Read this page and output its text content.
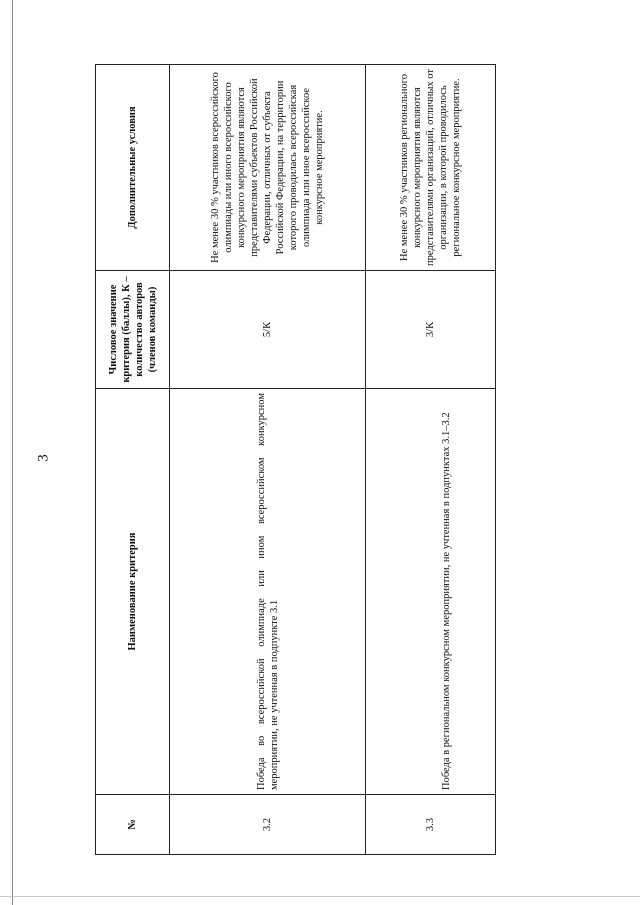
3
№	Наименование критерия	Числовое значение критерия (баллы), К – количество авторов (членов команды)	Дополнительные условия
3.2	Победа во всероссийской олимпиаде или ином всероссийском конкурсном мероприятии, не учтенная в подпункте 3.1	5/К	Не менее 30 % участников всероссийского олимпиады или иного всероссийского конкурсного мероприятия являются представителями субъектов Российской Федерации, отличных от субъекта Российской Федерации, на территории которого проводилась всероссийская олимпиада или иное всероссийское конкурсное мероприятие.
3.3	Победа в региональном конкурсном мероприятии, не учтенная в подпунктах 3.1–3.2	3/К	Не менее 30 % участников регионального конкурсного мероприятия являются представителями организаций, отличных от организации, в которой проводилось региональное конкурсное мероприятие.
